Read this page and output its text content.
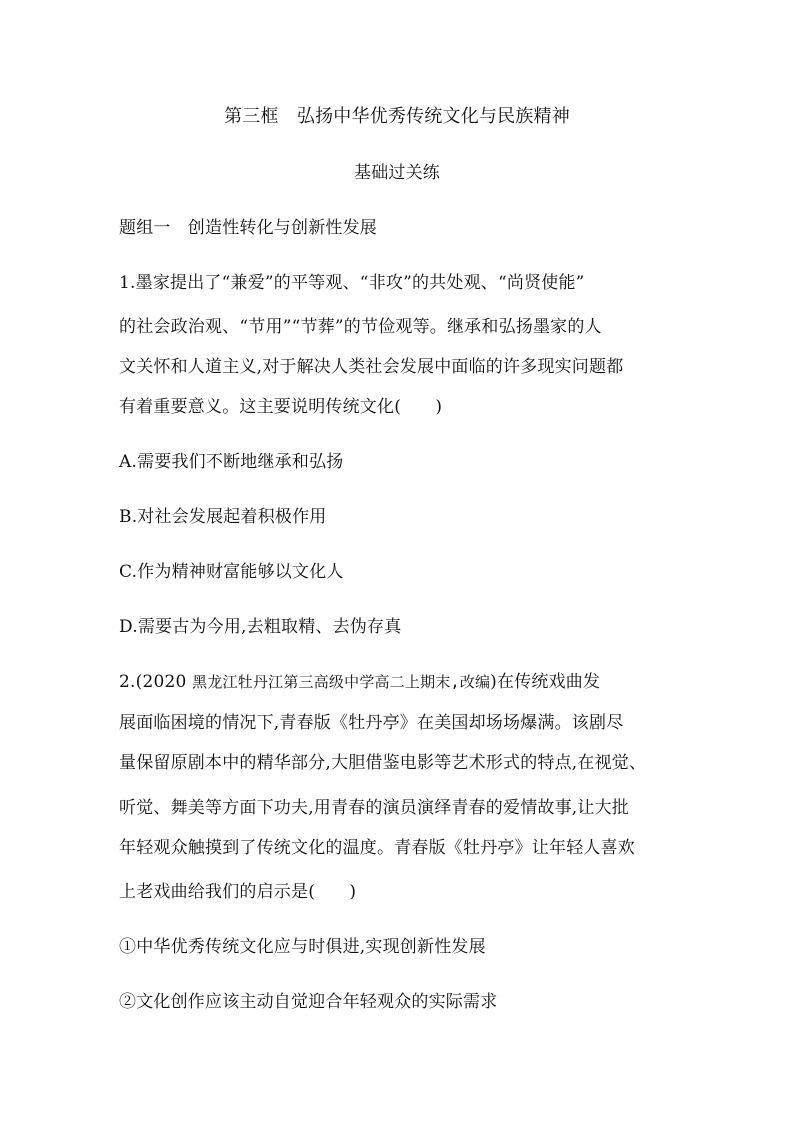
第三框　弘扬中华优秀传统文化与民族精神
基础过关练
题组一　创造性转化与创新性发展
1.墨家提出了“兼爱”的平等观、“非攻”的共处观、“尚贤使能”
的社会政治观、“节用”“节葬”的节俭观等。继承和弘扬墨家的人
文关怀和人道主义,对于解决人类社会发展中面临的许多现实问题都
有着重要意义。这主要说明传统文化(　　)
A.需要我们不断地继承和弘扬
B.对社会发展起着积极作用
C.作为精神财富能够以文化人
D.需要古为今用,去粗取精、去伪存真
2.(2020 黑龙江牡丹江第三高级中学高二上期末,改编)在传统戏曲发
展面临困境的情况下,青春版《牡丹亭》在美国却场场爆满。该剧尽
量保留原剧本中的精华部分,大胆借鉴电影等艺术形式的特点,在视觉、
听觉、舞美等方面下功夫,用青春的演员演绎青春的爱情故事,让大批
年轻观众触摸到了传统文化的温度。青春版《牡丹亭》让年轻人喜欢
上老戏曲给我们的启示是(　　)
①中华优秀传统文化应与时俱进,实现创新性发展
②文化创作应该主动自觉迎合年轻观众的实际需求
